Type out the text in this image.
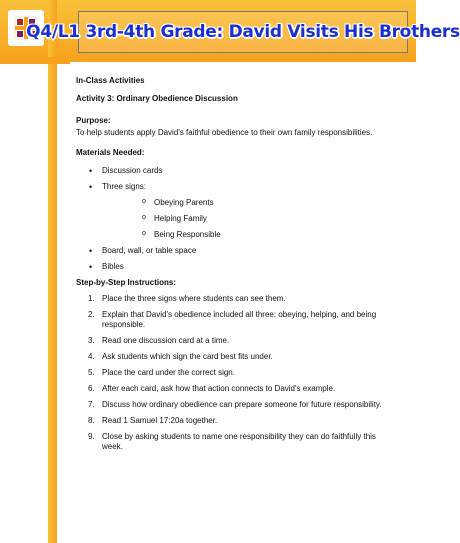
Q4/L1 3rd-4th Grade: David Visits His Brothers

In-Class Activities

Activity 3: Ordinary Obedience Discussion

Purpose:

To help students apply David's faithful obedience to their own family responsibilities.

Materials Needed:

• Discussion cards
• Three signs:
o Obeying Parents
o Helping Family
o Being Responsible
• Board, wall, or table space
• Bibles

Step-by-Step Instructions:

1. Place the three signs where students can see them.
2. Explain that David's obedience included all three: obeying, helping, and being responsible.
3. Read one discussion card at a time.
4. Ask students which sign the card best fits under.
5. Place the card under the correct sign.
6. After each card, ask how that action connects to David's example.
7. Discuss how ordinary obedience can prepare someone for future responsibility.
8. Read 1 Samuel 17:20a together.
9. Close by asking students to name one responsibility they can do faithfully this week.
